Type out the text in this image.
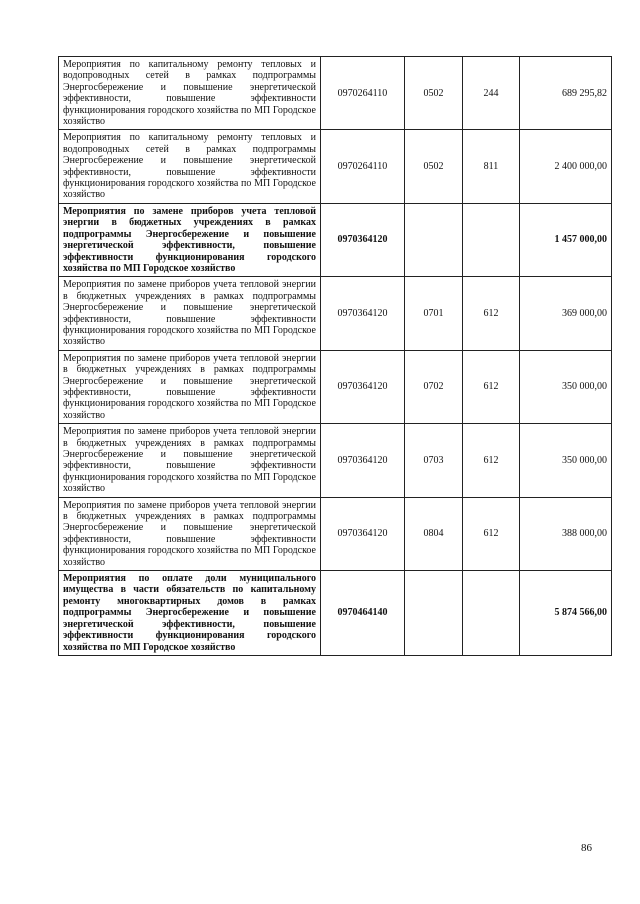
Мероприятия по капитальному ремонту тепловых и водопроводных сетей в рамках подпрограммы Энергосбережение и повышение энергетической эффективности, повышение эффективности функционирования городского хозяйства по МП Городское хозяйство	0970264110	0502	244	689 295,82
Мероприятия по капитальному ремонту тепловых и водопроводных сетей в рамках подпрограммы Энергосбережение и повышение энергетической эффективности, повышение эффективности функционирования городского хозяйства по МП Городское хозяйство	0970264110	0502	811	2 400 000,00
Мероприятия по замене приборов учета тепловой энергии в бюджетных учреждениях в рамках подпрограммы Энергосбережение и повышение энергетической эффективности, повышение эффективности функционирования городского хозяйства по МП Городское хозяйство	0970364120			1 457 000,00
Мероприятия по замене приборов учета тепловой энергии в бюджетных учреждениях в рамках подпрограммы Энергосбережение и повышение энергетической эффективности, повышение эффективности функционирования городского хозяйства по МП Городское хозяйство	0970364120	0701	612	369 000,00
Мероприятия по замене приборов учета тепловой энергии в бюджетных учреждениях в рамках подпрограммы Энергосбережение и повышение энергетической эффективности, повышение эффективности функционирования городского хозяйства по МП Городское хозяйство	0970364120	0702	612	350 000,00
Мероприятия по замене приборов учета тепловой энергии в бюджетных учреждениях в рамках подпрограммы Энергосбережение и повышение энергетической эффективности, повышение эффективности функционирования городского хозяйства по МП Городское хозяйство	0970364120	0703	612	350 000,00
Мероприятия по замене приборов учета тепловой энергии в бюджетных учреждениях в рамках подпрограммы Энергосбережение и повышение энергетической эффективности, повышение эффективности функционирования городского хозяйства по МП Городское хозяйство	0970364120	0804	612	388 000,00
Мероприятия по оплате доли муниципального имущества в части обязательств по капитальному ремонту многоквартирных домов в рамках подпрограммы Энергосбережение и повышение энергетической эффективности, повышение эффективности функционирования городского хозяйства по МП Городское хозяйство	0970464140			5 874 566,00
86
